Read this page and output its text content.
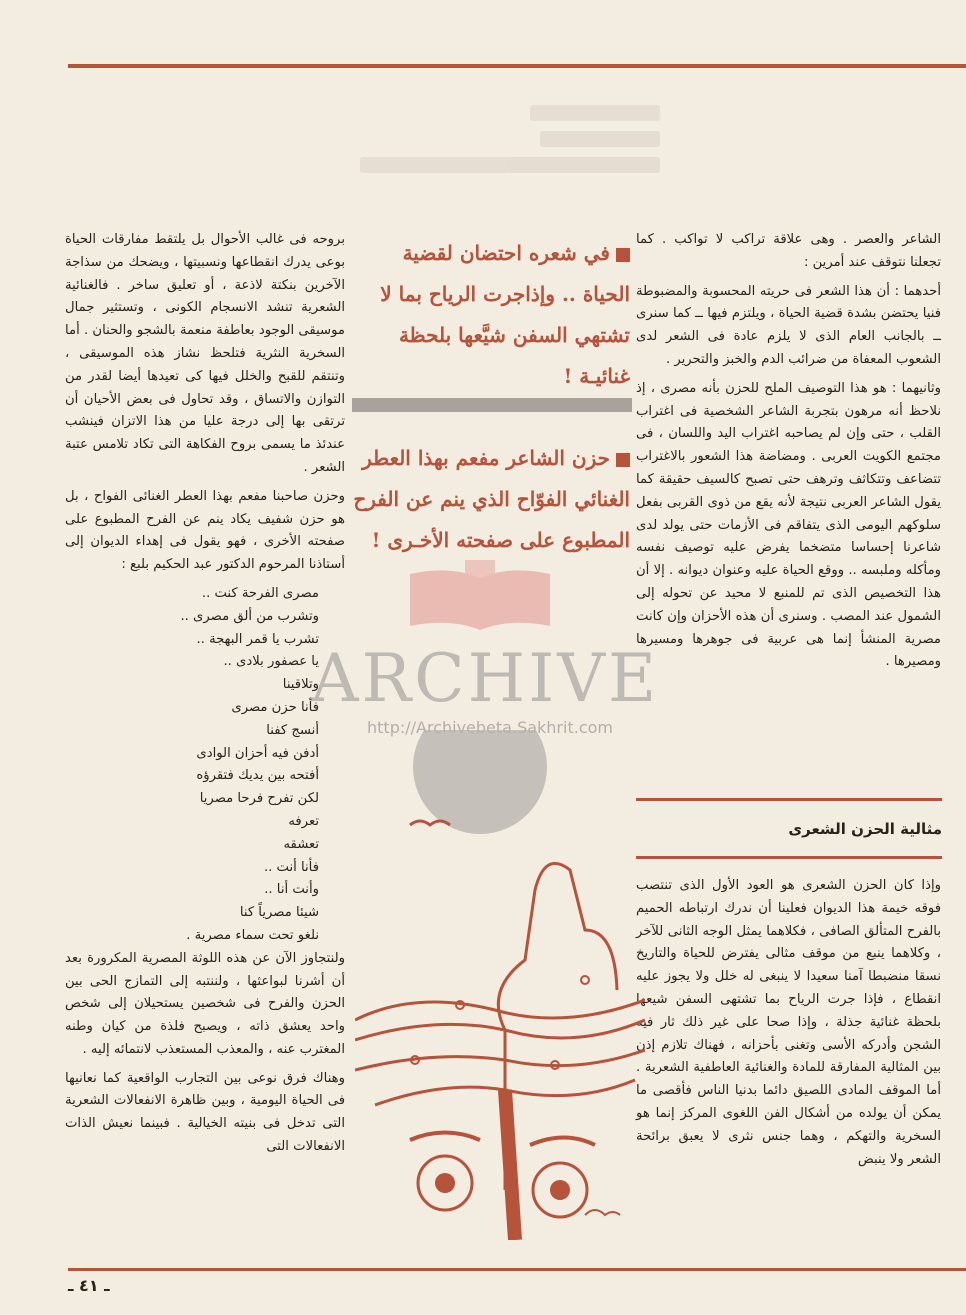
الشاعر والعصر . وهى علاقة تراكب لا تواكب . كما تجعلنا نتوقف عند أمرين :

أحدهما : أن هذا الشعر فى حريته المحسوبة والمضبوطة فنيا يحتضن بشدة قضية الحياة ، ويلتزم فيها ــ كما سنرى ــ بالجانب العام الذى لا يلزم عادة فى الشعر لدى الشعوب المعفاة من ضرائب الدم والخبز والتحرير .

وثانيهما : هو هذا التوصيف الملح للحزن بأنه مصرى ، إذ نلاحظ أنه مرهون بتجربة الشاعر الشخصية فى اغتراب القلب ، حتى وإن لم يصاحبه اغتراب اليد واللسان ، فى مجتمع الكويت العربى . ومضاضة هذا الشعور بالاغتراب تتضاعف وتتكاثف وترهف حتى تصبح كالسيف حقيقة كما يقول الشاعر العربى نتيجة لأنه يقع من ذوى القربى بفعل سلوكهم اليومى الذى يتفاقم فى الأزمات حتى يولد لدى شاعرنا إحساسا متضخما يفرض عليه توصيف نفسه ومأكله وملبسه .. ووقع الحياة عليه وعنوان ديوانه . إلا أن هذا التخصيص الذى تم للمنبع لا محيد عن تحوله إلى الشمول عند المصب . وسنرى أن هذه الأحزان وإن كانت مصرية المنشأ إنما هى عربية فى جوهرها ومسيرها ومصيرها .

مثالية الحزن الشعرى

وإذا كان الحزن الشعرى هو العود الأول الذى تنتصب فوقه خيمة هذا الديوان فعلينا أن ندرك ارتباطه الحميم بالفرح المتألق الصافى ، فكلاهما يمثل الوجه الثانى للآخر ، وكلاهما ينبع من موقف مثالى يفترض للحياة والتاريخ نسقا منضبطا آمنا سعيدا لا ينبغى له خلل ولا يجوز عليه انقطاع ، فإذا جرت الرياح بما تشتهى السفن شيعها بلحظة غنائية جذلة ، وإذا صحا على غير ذلك ثار فيه الشجن وأدركه الأسى وتغنى بأحزانه ، فهناك تلازم إذن بين المثالية المفارقة للمادة والغنائية العاطفية الشعرية . أما الموقف المادى اللصيق دائما بدنيا الناس فأقصى ما يمكن أن يولده من أشكال الفن اللغوى المركز إنما هو السخرية والتهكم ، وهما جنس نثرى لا يعبق برائحة الشعر ولا ينبض

في شعره احتضان لقضية الحياة .. وإذاجرت الرياح بما لا تشتهي السفن شيَّعها بلحظة غنائيـة !
حزن الشاعر مفعم بهذا العطر الغنائي الفوّاح الذي ينم عن الفرح المطبوع على صفحته الأخـرى !
ARCHIVE
http://Archivebeta.Sakhrit.com

بروحه فى غالب الأحوال بل يلتقط مفارقات الحياة بوعى يدرك انقطاعها ونسبيتها ، ويضحك من سذاجة الآخرين بنكتة لاذعة ، أو تعليق ساخر . فالغنائية الشعرية تنشد الانسجام الكونى ، وتستثير جمال موسيقى الوجود بعاطفة منعمة بالشجو والحنان . أما السخرية النثرية فتلحظ نشاز هذه الموسيقى ، وتنتقم للقبح والخلل فيها كى تعيدها أيضا لقدر من التوازن والاتساق ، وقد تحاول فى بعض الأحيان أن ترتقى بها إلى درجة عليا من هذا الاتزان فينشب عندئذ ما يسمى بروح الفكاهة التى تكاد تلامس عتبة الشعر .

وحزن صاحبنا مفعم بهذا العطر الغنائى الفواح ، بل هو حزن شفيف يكاد ينم عن الفرح المطبوع على صفحته الأخرى ، فهو يقول فى إهداء الديوان إلى أستاذنا المرحوم الدكتور عبد الحكيم بلبع :

مصرى الفرحة كنت ..
وتشرب من ألق مصرى ..
تشرب يا قمر البهجة ..
يا عصفور بلادى ..
وتلاقينا
فأنا حزن مصرى
أنسج كفنا
أدفن فيه أحزان الوادى
أفتحه بين يديك فتقرؤه
لكن تفرح فرحا مصريا
تعرفه
تعشقه
فأنا أنت ..
وأنت أنا ..
شيئا مصرياً كنا
نلغو تحت سماء مصرية .

ولنتجاوز الآن عن هذه اللوثة المصرية المكرورة بعد أن أشرنا لبواعثها ، ولننتبه إلى التمازج الحى بين الحزن والفرح فى شخصين يستحيلان إلى شخص واحد يعشق ذاته ، ويصبح فلذة من كيان وطنه المغترب عنه ، والمعذب المستعذب لانتمائه إليه .

وهناك فرق نوعى بين التجارب الواقعية كما نعانيها فى الحياة اليومية ، وبين ظاهرة الانفعالات الشعرية التى تدخل فى بنيته الخيالية . فبينما نعيش الذات الانفعالات التى

ـ ٤١ ـ
